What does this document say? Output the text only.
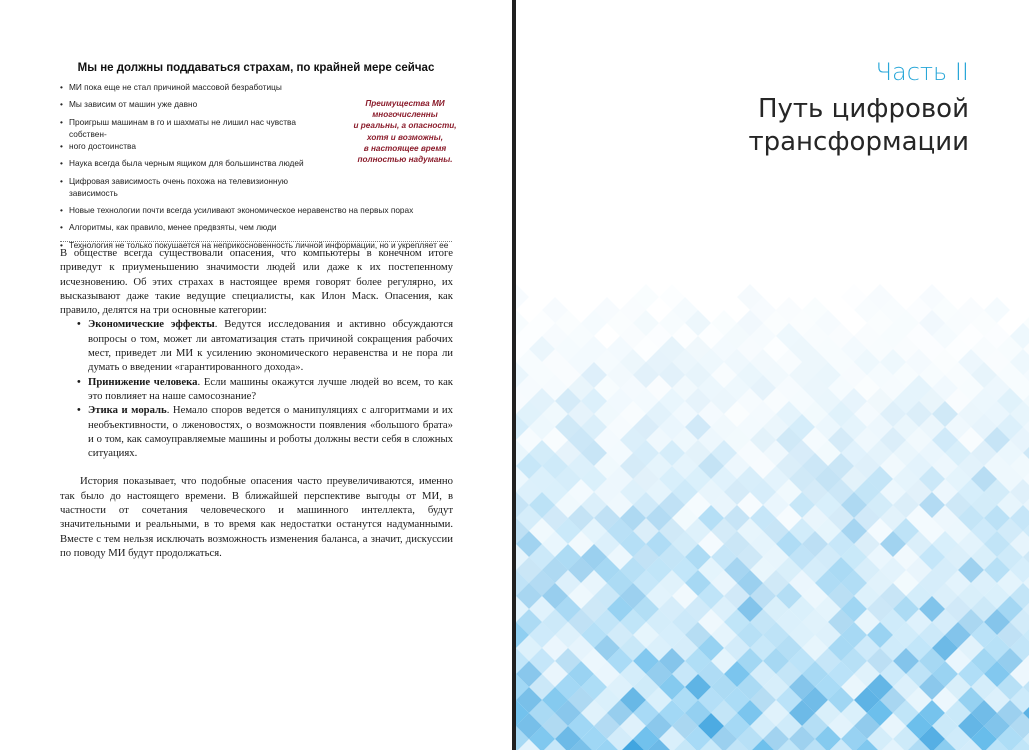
Мы не должны поддаваться страхам, по крайней мере сейчас
• МИ пока еще не стал причиной массовой безработицы
• Мы зависим от машин уже давно
• Проигрыш машинам в го и шахматы не лишил нас чувства собствен-
• ного достоинства
• Наука всегда была черным ящиком для большинства людей
• Цифровая зависимость очень похожа на телевизионную зависимость
• Новые технологии почти всегда усиливают экономическое неравенство на первых порах
• Алгоритмы, как правило, менее предвзяты, чем люди
• Технология не только покушается на неприкосновенность личной информации, но и укрепляет ее
Преимущества МИ
многочисленны
и реальны, а опасности,
хотя и возможны,
в настоящее время
полностью надуманы.

В обществе всегда существовали опасения, что компьютеры в конечном итоге приведут к приуменьшению значимости людей или даже к их постепенному исчезновению. Об этих страхах в настоящее время говорят более регулярно, их высказывают даже такие ведущие специалисты, как Илон Маск. Опасения, как правило, делятся на три основные категории:

• Экономические эффекты. Ведутся исследования и активно обсуждаются вопросы о том, может ли автоматизация стать причиной сокращения рабочих мест, приведет ли МИ к усилению экономического неравенства и не пора ли думать о введении «гарантированного дохода».
• Принижение человека. Если машины окажутся лучше людей во всем, то как это повлияет на наше самосознание?
• Этика и мораль. Немало споров ведется о манипуляциях с алгоритмами и их необъективности, о лженовостях, о возможности появления «большого брата» и о том, как самоуправляемые машины и роботы должны вести себя в сложных ситуациях.

История показывает, что подобные опасения часто преувеличиваются, именно так было до настоящего времени. В ближайшей перспективе выгоды от МИ, в частности от сочетания человеческого и машинного интеллекта, будут значительными и реальными, в то время как недостатки останутся надуманными. Вместе с тем нельзя исключать возможность изменения баланса, а значит, дискуссии по поводу МИ будут продолжаться.

Часть II
Путь цифровой
трансформации
